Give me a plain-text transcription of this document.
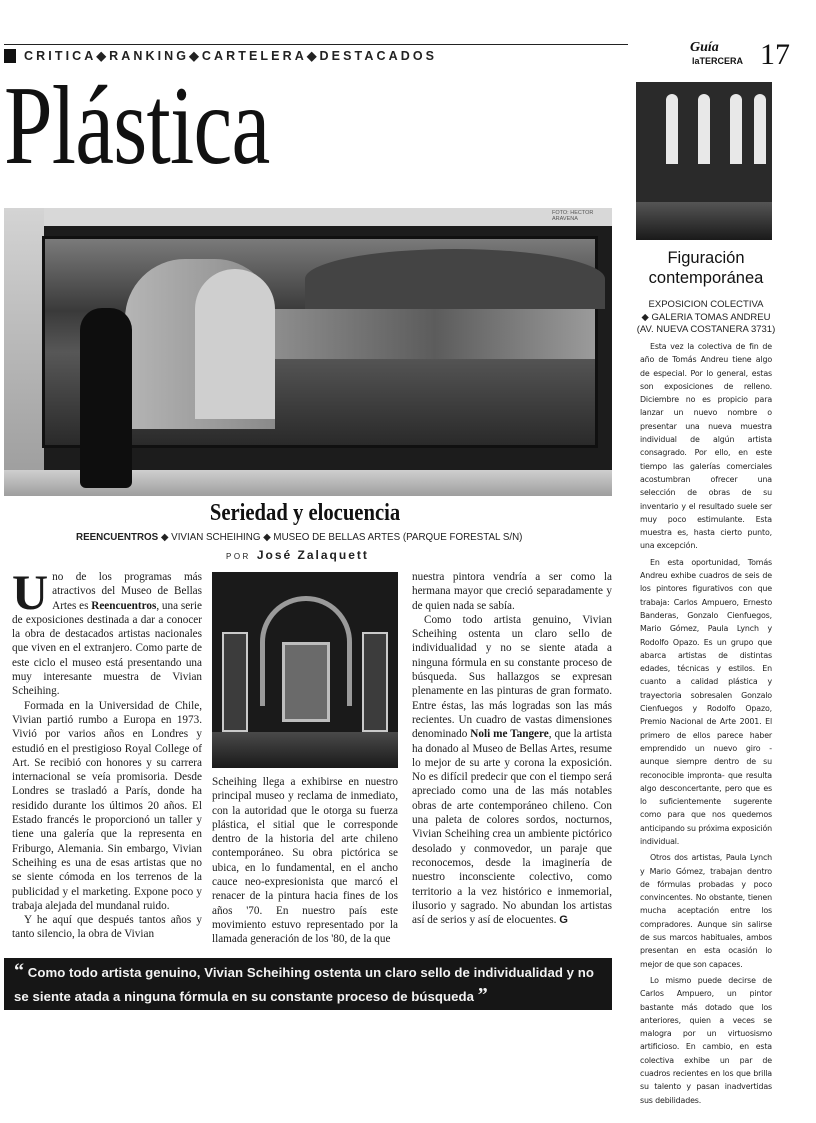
CRITICA◆RANKING◆CARTELERA◆DESTACADOS
Guía
laTERCERA 17
Plástica
FOTO: HECTOR ARAVENA
Figuración contemporánea
EXPOSICION COLECTIVA
◆ GALERIA TOMAS ANDREU
(AV. NUEVA COSTANERA 3731)

Esta vez la colectiva de fin de año de Tomás Andreu tiene algo de especial. Por lo general, estas son exposiciones de relleno. Diciembre no es propicio para lanzar un nuevo nombre o presentar una nueva muestra individual de algún artista consagrado. Por ello, en este tiempo las galerías comerciales acostumbran ofrecer una selección de obras de su inventario y el resultado suele ser muy poco estimulante. Esta muestra es, hasta cierto punto, una excepción.

En esta oportunidad, Tomás Andreu exhibe cuadros de seis de los pintores figurativos con que trabaja: Carlos Ampuero, Ernesto Banderas, Gonzalo Cienfuegos, Mario Gómez, Paula Lynch y Rodolfo Opazo. Es un grupo que abarca artistas de distintas edades, técnicas y estilos. En cuanto a calidad plástica y trayectoria sobresalen Gonzalo Cienfuegos y Rodolfo Opazo, Premio Nacional de Arte 2001. El primero de ellos parece haber emprendido un nuevo giro -aunque siempre dentro de su reconocible impronta- que resulta algo desconcertante, pero que es lo suficientemente sugerente como para que nos quedemos anticipando su próxima exposición individual.

Otros dos artistas, Paula Lynch y Mario Gómez, trabajan dentro de fórmulas probadas y poco convincentes. No obstante, tienen mucha aceptación entre los compradores. Aunque sin salirse de sus marcos habituales, ambos presentan en esta ocasión lo mejor de que son capaces.

Lo mismo puede decirse de Carlos Ampuero, un pintor bastante más dotado que los anteriores, quien a veces se malogra por un virtuosismo artificioso. En cambio, en esta colectiva exhibe un par de cuadros recientes en los que brilla su talento y pasan inadvertidas sus debilidades.

Seriedad y elocuencia
REENCUENTROS ◆ VIVIAN SCHEIHING ◆ MUSEO DE BELLAS ARTES (PARQUE FORESTAL S/N)
POR José Zalaquett

Uno de los programas más atractivos del Museo de Bellas Artes es Reencuentros, una serie de exposiciones destinada a dar a conocer la obra de destacados artistas nacionales que viven en el extranjero. Como parte de este ciclo el museo está presentando una muy interesante muestra de Vivian Scheihing.

Formada en la Universidad de Chile, Vivian partió rumbo a Europa en 1973. Vivió por varios años en Londres y estudió en el prestigioso Royal College of Art. Se recibió con honores y su carrera internacional se veía promisoria. Desde Londres se trasladó a París, donde ha residido durante los últimos 20 años. El Estado francés le proporcionó un taller y tiene una galería que la representa en Friburgo, Alemania. Sin embargo, Vivian Scheihing es una de esas artistas que no se siente cómoda en los terrenos de la publicidad y el marketing. Expone poco y trabaja alejada del mundanal ruido.

Y he aquí que después tantos años y tanto silencio, la obra de Vivian

Scheihing llega a exhibirse en nuestro principal museo y reclama de inmediato, con la autoridad que le otorga su fuerza plástica, el sitial que le corresponde dentro de la historia del arte chileno contemporáneo. Su obra pictórica se ubica, en lo fundamental, en el ancho cauce neo-expresionista que marcó el renacer de la pintura hacia fines de los años '70. En nuestro país este movimiento estuvo representado por la llamada generación de los '80, de la que

nuestra pintora vendría a ser como la hermana mayor que creció separadamente y de quien nada se sabía.

Como todo artista genuino, Vivian Scheihing ostenta un claro sello de individualidad y no se siente atada a ninguna fórmula en su constante proceso de búsqueda. Sus hallazgos se expresan plenamente en las pinturas de gran formato. Entre éstas, las más logradas son las más recientes. Un cuadro de vastas dimensiones denominado Noli me Tangere, que la artista ha donado al Museo de Bellas Artes, resume lo mejor de su arte y corona la exposición. No es difícil predecir que con el tiempo será apreciado como una de las más notables obras de arte contemporáneo chileno. Con una paleta de colores sordos, nocturnos, Vivian Scheihing crea un ambiente pictórico desolado y conmovedor, un paraje que reconocemos, desde la imaginería de nuestro inconsciente colectivo, como territorio a la vez histórico e inmemorial, ilusorio y sagrado. No abundan los artistas así de serios y así de elocuentes. G

“ Como todo artista genuino, Vivian Scheihing ostenta un claro sello de individualidad y no se siente atada a ninguna fórmula en su constante proceso de búsqueda ”
